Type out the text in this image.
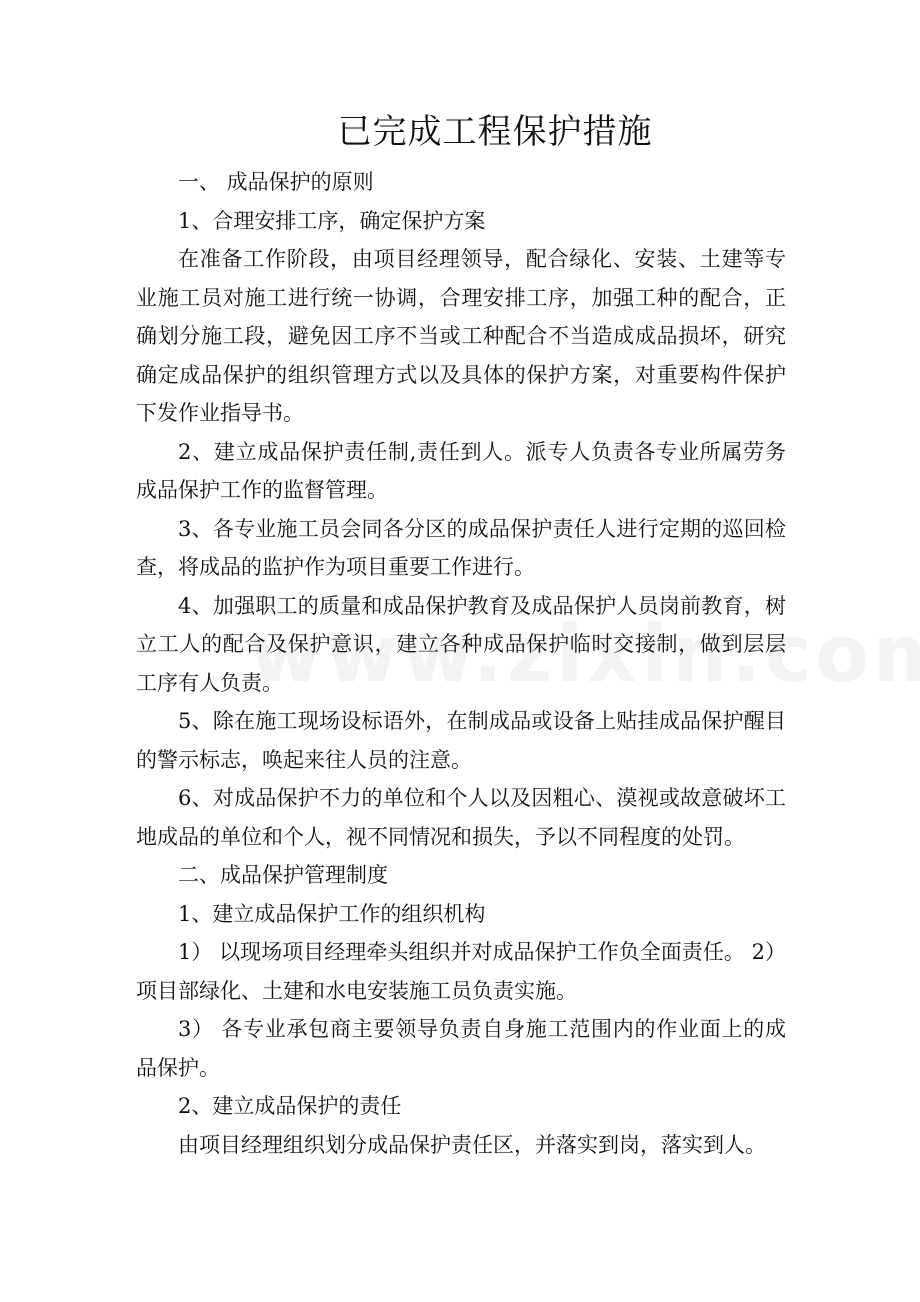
已完成工程保护措施

一、 成品保护的原则

1、合理安排工序，确定保护方案

在准备工作阶段，由项目经理领导，配合绿化、安装、土建等专业施工员对施工进行统一协调，合理安排工序，加强工种的配合，正确划分施工段，避免因工序不当或工种配合不当造成成品损坏，研究确定成品保护的组织管理方式以及具体的保护方案，对重要构件保护下发作业指导书。

2、建立成品保护责任制,责任到人。派专人负责各专业所属劳务成品保护工作的监督管理。

3、各专业施工员会同各分区的成品保护责任人进行定期的巡回检查，将成品的监护作为项目重要工作进行。

4、加强职工的质量和成品保护教育及成品保护人员岗前教育，树立工人的配合及保护意识，建立各种成品保护临时交接制，做到层层工序有人负责。

5、除在施工现场设标语外，在制成品或设备上贴挂成品保护醒目的警示标志，唤起来往人员的注意。

6、对成品保护不力的单位和个人以及因粗心、漠视或故意破坏工地成品的单位和个人，视不同情况和损失，予以不同程度的处罚。

二、成品保护管理制度

1、建立成品保护工作的组织机构

1） 以现场项目经理牵头组织并对成品保护工作负全面责任。 2） 项目部绿化、土建和水电安装施工员负责实施。

3） 各专业承包商主要领导负责自身施工范围内的作业面上的成品保护。

2、建立成品保护的责任

由项目经理组织划分成品保护责任区，并落实到岗，落实到人。
